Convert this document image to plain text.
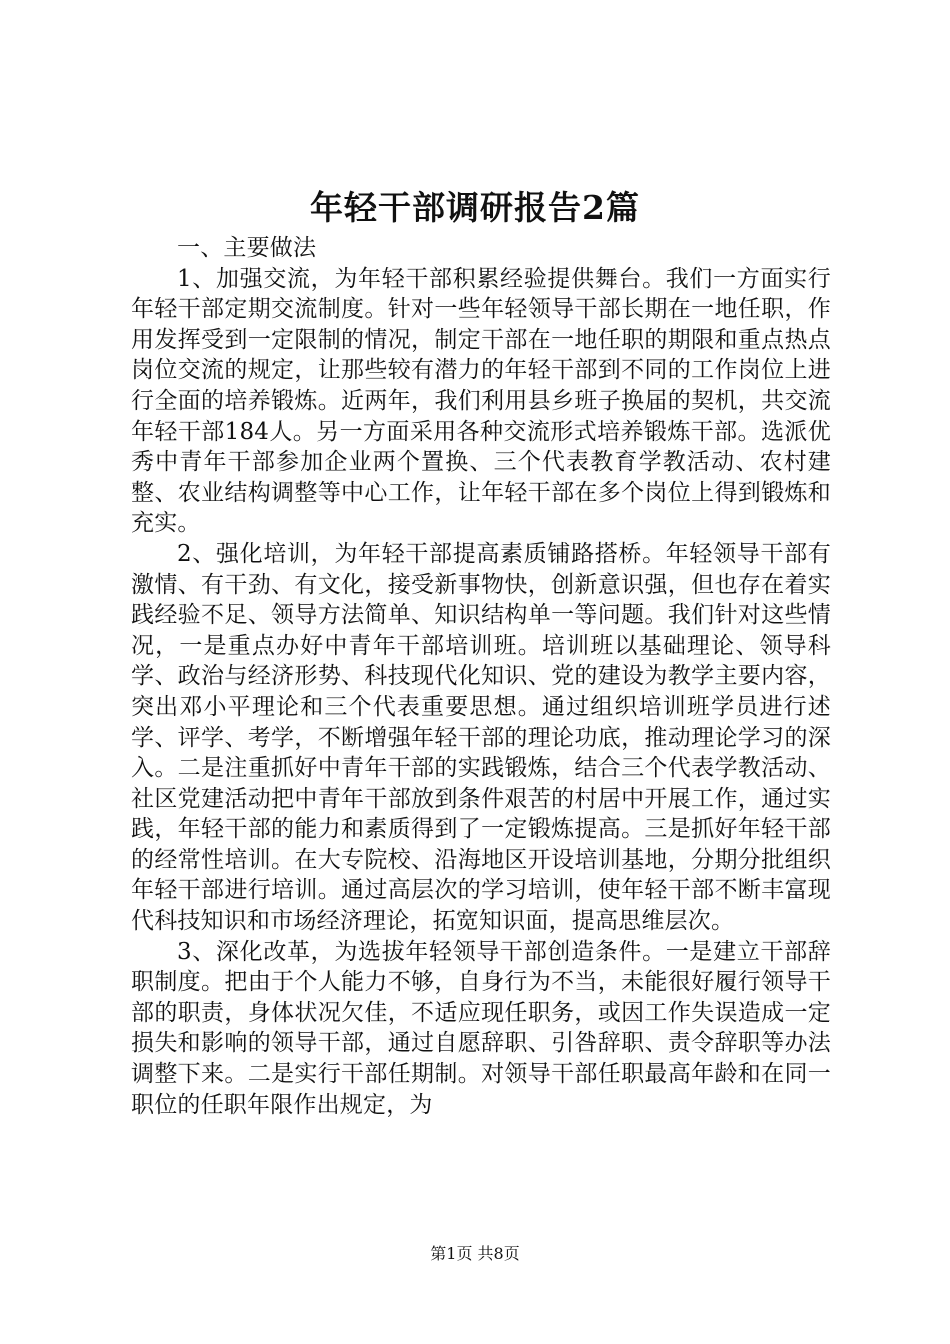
年轻干部调研报告2篇

一、主要做法

1、加强交流，为年轻干部积累经验提供舞台。我们一方面实行年轻干部定期交流制度。针对一些年轻领导干部长期在一地任职，作用发挥受到一定限制的情况，制定干部在一地任职的期限和重点热点岗位交流的规定，让那些较有潜力的年轻干部到不同的工作岗位上进行全面的培养锻炼。近两年，我们利用县乡班子换届的契机，共交流年轻干部184人。另一方面采用各种交流形式培养锻炼干部。选派优秀中青年干部参加企业两个置换、三个代表教育学教活动、农村建整、农业结构调整等中心工作，让年轻干部在多个岗位上得到锻炼和充实。

2、强化培训，为年轻干部提高素质铺路搭桥。年轻领导干部有激情、有干劲、有文化，接受新事物快，创新意识强，但也存在着实践经验不足、领导方法简单、知识结构单一等问题。我们针对这些情况，一是重点办好中青年干部培训班。培训班以基础理论、领导科学、政治与经济形势、科技现代化知识、党的建设为教学主要内容，突出邓小平理论和三个代表重要思想。通过组织培训班学员进行述学、评学、考学，不断增强年轻干部的理论功底，推动理论学习的深入。二是注重抓好中青年干部的实践锻炼，结合三个代表学教活动、社区党建活动把中青年干部放到条件艰苦的村居中开展工作，通过实践，年轻干部的能力和素质得到了一定锻炼提高。三是抓好年轻干部的经常性培训。在大专院校、沿海地区开设培训基地，分期分批组织年轻干部进行培训。通过高层次的学习培训，使年轻干部不断丰富现代科技知识和市场经济理论，拓宽知识面，提高思维层次。

3、深化改革，为选拔年轻领导干部创造条件。一是建立干部辞职制度。把由于个人能力不够，自身行为不当，未能很好履行领导干部的职责，身体状况欠佳，不适应现任职务，或因工作失误造成一定损失和影响的领导干部，通过自愿辞职、引咎辞职、责令辞职等办法调整下来。二是实行干部任期制。对领导干部任职最高年龄和在同一职位的任职年限作出规定，为

第1页 共8页
